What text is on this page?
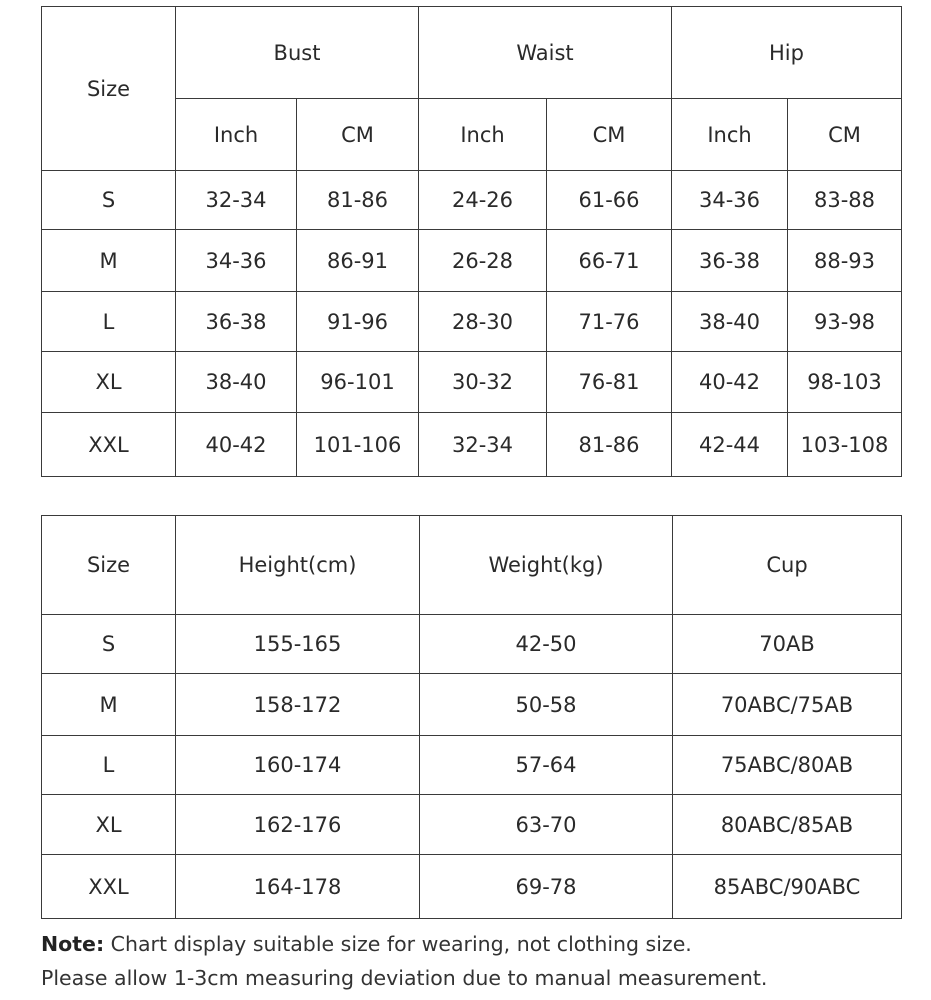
Size	Bust		Waist		Hip	
	Inch	CM	Inch	CM	Inch	CM
S	32-34	81-86	24-26	61-66	34-36	83-88
M	34-36	86-91	26-28	66-71	36-38	88-93
L	36-38	91-96	28-30	71-76	38-40	93-98
XL	38-40	96-101	30-32	76-81	40-42	98-103
XXL	40-42	101-106	32-34	81-86	42-44	103-108
Size	Height(cm)	Weight(kg)	Cup
S	155-165	42-50	70AB
M	158-172	50-58	70ABC/75AB
L	160-174	57-64	75ABC/80AB
XL	162-176	63-70	80ABC/85AB
XXL	164-178	69-78	85ABC/90ABC
Note: Chart display suitable size for wearing, not clothing size.
Please allow 1-3cm measuring deviation due to manual measurement.
